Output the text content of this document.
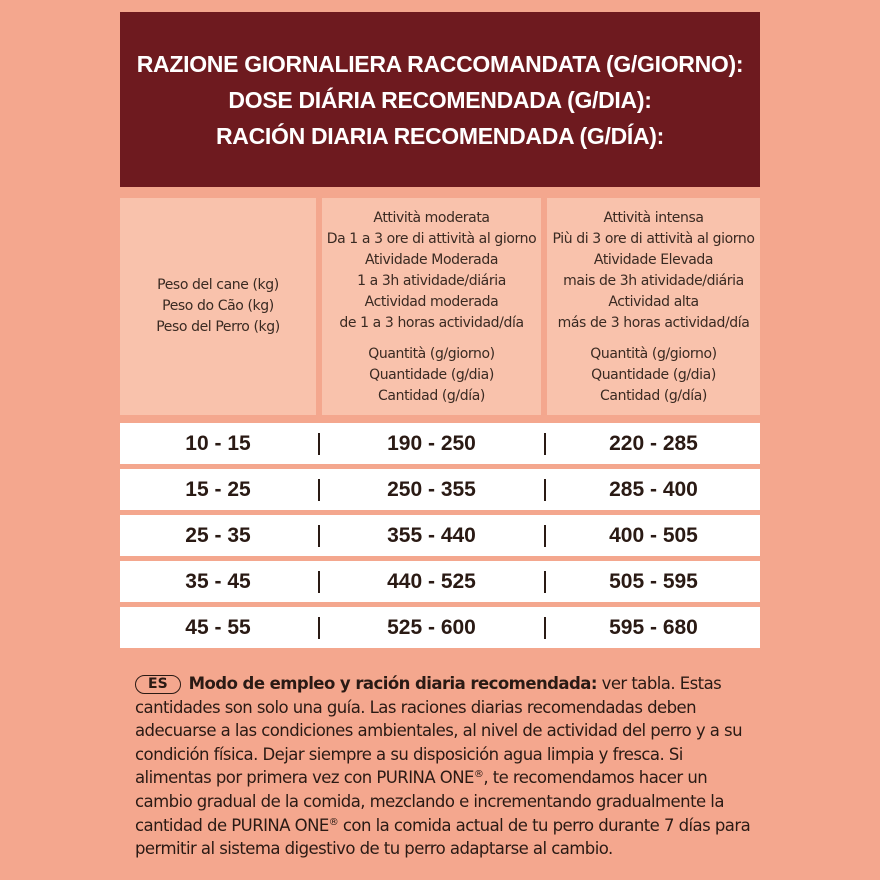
RAZIONE GIORNALIERA RACCOMANDATA (G/GIORNO):
DOSE DIÁRIA RECOMENDADA (G/DIA):
RACIÓN DIARIA RECOMENDADA (G/DÍA):
Peso del cane (kg)
Peso do Cão (kg)
Peso del Perro (kg)
Attività moderata
Da 1 a 3 ore di attività al giorno
Atividade Moderada
1 a 3h atividade/diária
Actividad moderada
de 1 a 3 horas actividad/día
Quantità (g/giorno)
Quantidade (g/dia)
Cantidad (g/día)
Attività intensa
Più di 3 ore di attività al giorno
Atividade Elevada
mais de 3h atividade/diária
Actividad alta
más de 3 horas actividad/día
Quantità (g/giorno)
Quantidade (g/dia)
Cantidad (g/día)
10 - 15	190 - 250	220 - 285
15 - 25	250 - 355	285 - 400
25 - 35	355 - 440	400 - 505
35 - 45	440 - 525	505 - 595
45 - 55	525 - 600	595 - 680
ES Modo de empleo y ración diaria recomendada: ver tabla. Estas cantidades son solo una guía. Las raciones diarias recomendadas deben adecuarse a las condiciones ambientales, al nivel de actividad del perro y a su condición física. Dejar siempre a su disposición agua limpia y fresca. Si alimentas por primera vez con PURINA ONE®, te recomendamos hacer un cambio gradual de la comida, mezclando e incrementando gradualmente la cantidad de PURINA ONE® con la comida actual de tu perro durante 7 días para permitir al sistema digestivo de tu perro adaptarse al cambio.
